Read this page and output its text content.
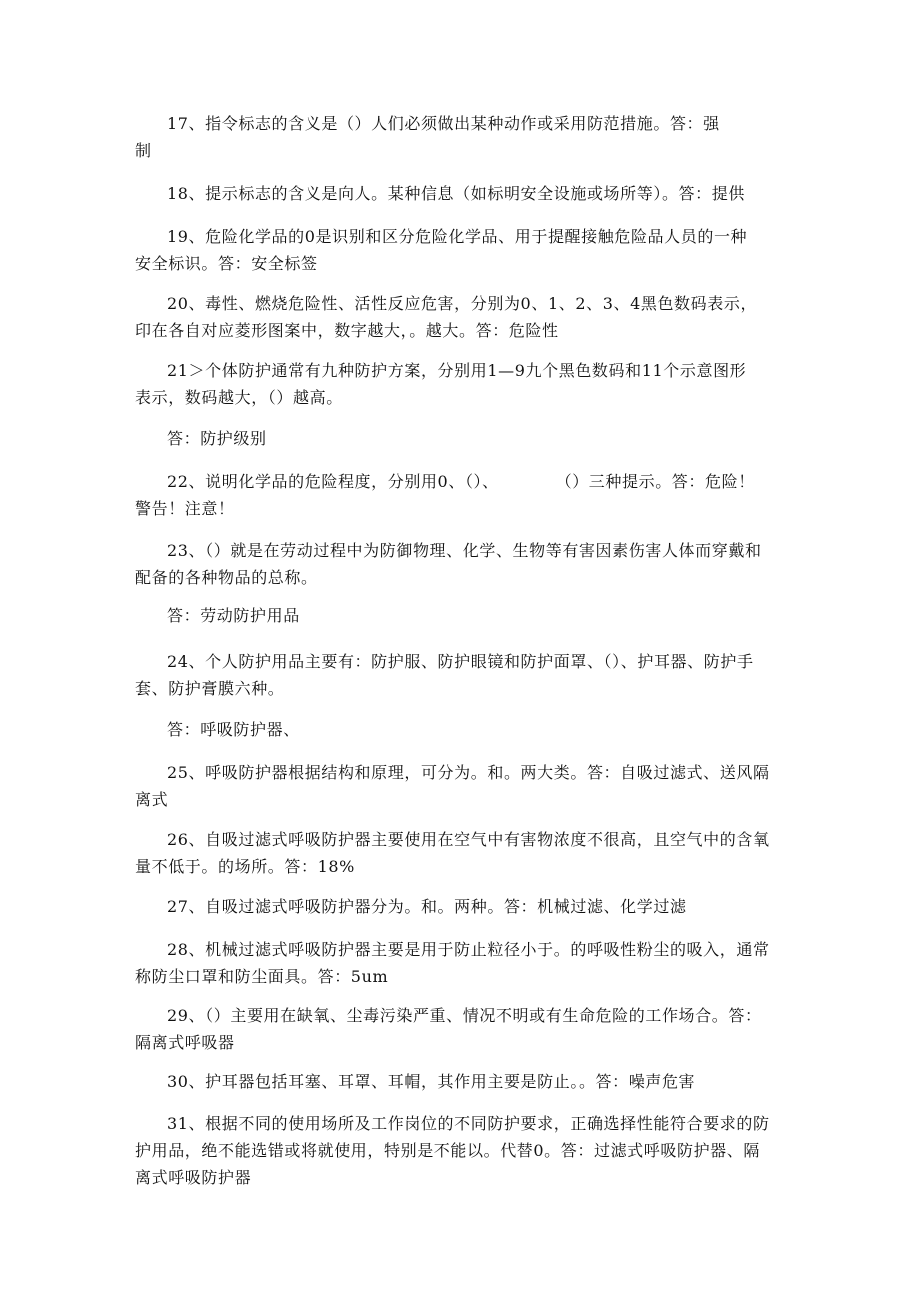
17、指令标志的含义是（）人们必须做出某种动作或采用防范措施。答：强
制
18、提示标志的含义是向人。某种信息（如标明安全设施或场所等）。答：提供
19、危险化学品的0是识别和区分危险化学品、用于提醒接触危险品人员的一种
安全标识。答：安全标签
20、毒性、燃烧危险性、活性反应危害，分别为0、1、2、3、4黑色数码表示，
印在各自对应菱形图案中，数字越大，。越大。答：危险性
21＞个体防护通常有九种防护方案，分别用1—9九个黑色数码和11个示意图形
表示，数码越大，（）越高。
答：防护级别
22、说明化学品的危险程度，分别用0、（）、          （）三种提示。答：危险！
警告！注意！
23、（）就是在劳动过程中为防御物理、化学、生物等有害因素伤害人体而穿戴和
配备的各种物品的总称。
答：劳动防护用品
24、个人防护用品主要有：防护服、防护眼镜和防护面罩、（）、护耳器、防护手
套、防护膏膜六种。
答：呼吸防护器、
25、呼吸防护器根据结构和原理，可分为。和。两大类。答：自吸过滤式、送风隔
离式
26、自吸过滤式呼吸防护器主要使用在空气中有害物浓度不很高，且空气中的含氧
量不低于。的场所。答：18%
27、自吸过滤式呼吸防护器分为。和。两种。答：机械过滤、化学过滤
28、机械过滤式呼吸防护器主要是用于防止粒径小于。的呼吸性粉尘的吸入，通常
称防尘口罩和防尘面具。答：5um
29、（）主要用在缺氧、尘毒污染严重、情况不明或有生命危险的工作场合。答：
隔离式呼吸器
30、护耳器包括耳塞、耳罩、耳帽，其作用主要是防止。。答：噪声危害
31、根据不同的使用场所及工作岗位的不同防护要求，正确选择性能符合要求的防
护用品，绝不能选错或将就使用，特别是不能以。代替0。答：过滤式呼吸防护器、隔
离式呼吸防护器
